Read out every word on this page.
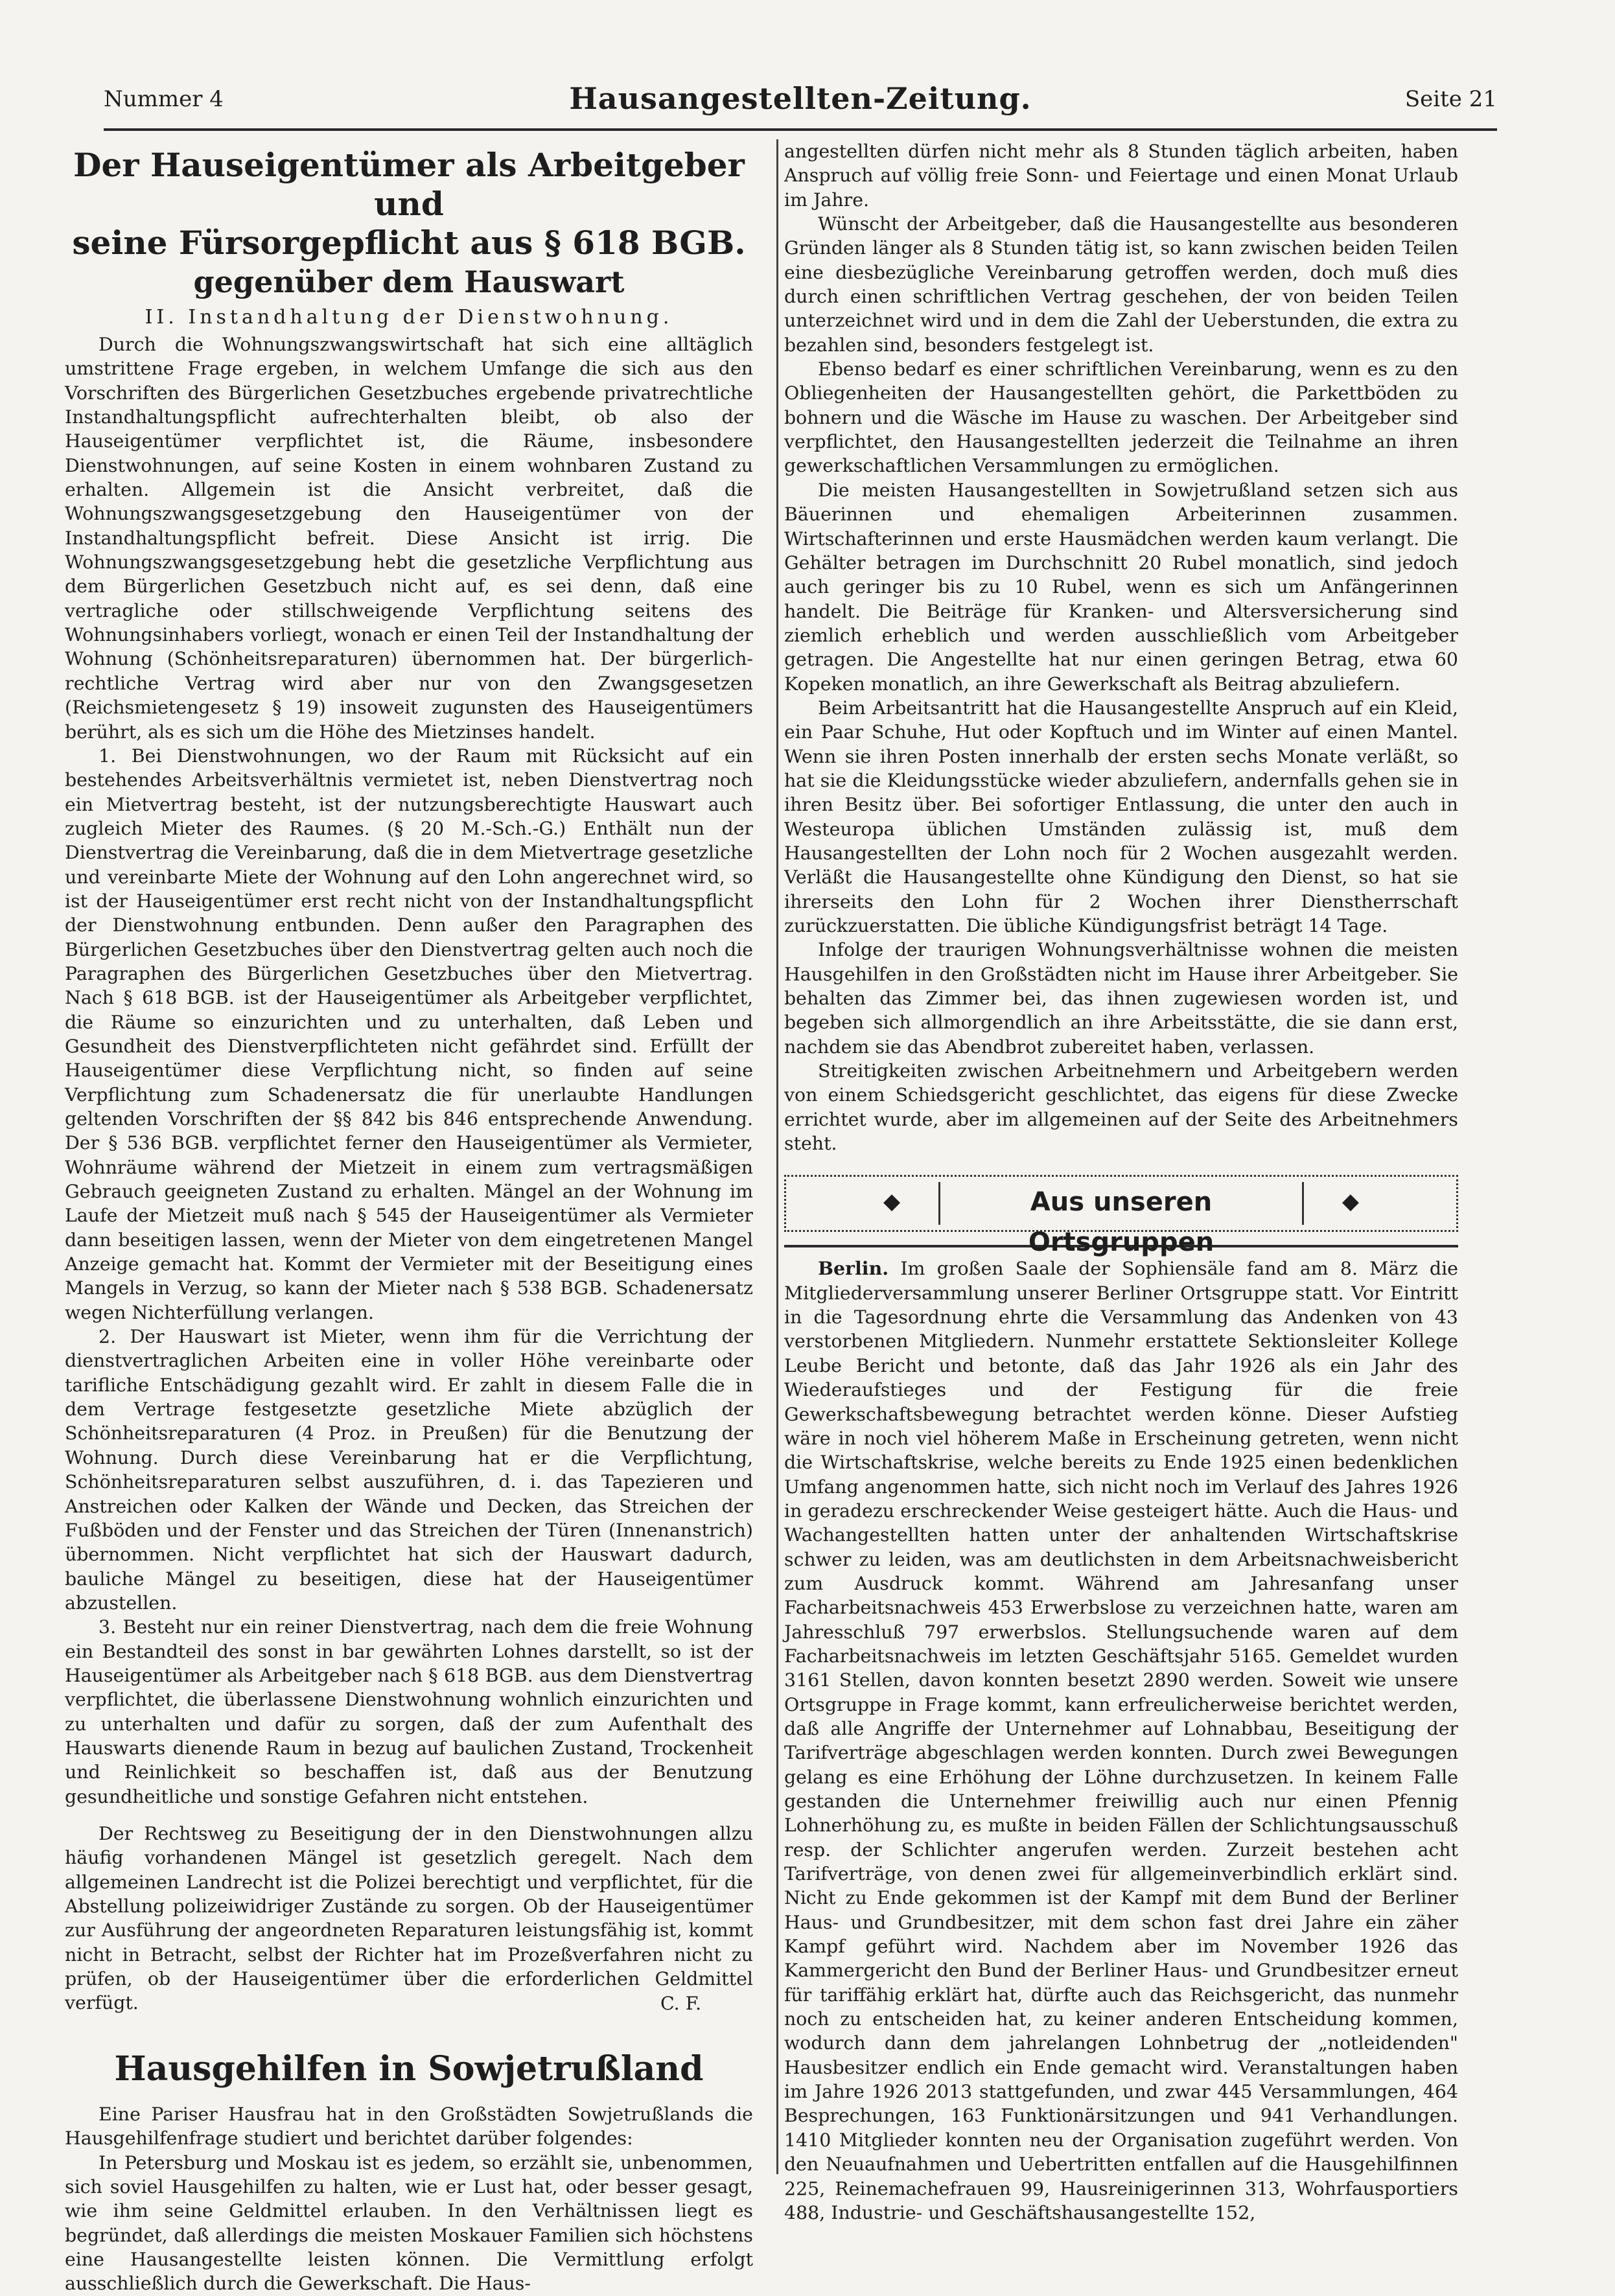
Nummer 4	Hausangestellten-Zeitung.	Seite 21
Der Hauseigentümer als Arbeitgeber und
seine Fürsorgepflicht aus § 618 BGB.

gegenüber dem Hauswart
II. Instandhaltung der Dienstwohnung.

Durch die Wohnungszwangswirtschaft hat sich eine alltäglich umstrittene Frage ergeben, in welchem Umfange die sich aus den Vorschriften des Bürgerlichen Gesetzbuches ergebende privatrechtliche Instandhaltungspflicht aufrechterhalten bleibt, ob also der Hauseigentümer verpflichtet ist, die Räume, insbesondere Dienstwohnungen, auf seine Kosten in einem wohnbaren Zustand zu erhalten. Allgemein ist die Ansicht verbreitet, daß die Wohnungszwangsgesetzgebung den Hauseigentümer von der Instandhaltungspflicht befreit. Diese Ansicht ist irrig. Die Wohnungszwangsgesetzgebung hebt die gesetzliche Verpflichtung aus dem Bürgerlichen Gesetzbuch nicht auf, es sei denn, daß eine vertragliche oder stillschweigende Verpflichtung seitens des Wohnungsinhabers vorliegt, wonach er einen Teil der Instandhaltung der Wohnung (Schönheitsreparaturen) übernommen hat. Der bürgerlich-rechtliche Vertrag wird aber nur von den Zwangsgesetzen (Reichsmietengesetz § 19) insoweit zugunsten des Hauseigentümers berührt, als es sich um die Höhe des Mietzinses handelt.

1. Bei Dienstwohnungen, wo der Raum mit Rücksicht auf ein bestehendes Arbeitsverhältnis vermietet ist, neben Dienstvertrag noch ein Mietvertrag besteht, ist der nutzungsberechtigte Hauswart auch zugleich Mieter des Raumes. (§ 20 M.-Sch.-G.) Enthält nun der Dienstvertrag die Vereinbarung, daß die in dem Mietvertrage gesetzliche und vereinbarte Miete der Wohnung auf den Lohn angerechnet wird, so ist der Hauseigentümer erst recht nicht von der Instandhaltungspflicht der Dienstwohnung entbunden. Denn außer den Paragraphen des Bürgerlichen Gesetzbuches über den Dienstvertrag gelten auch noch die Paragraphen des Bürgerlichen Gesetzbuches über den Mietvertrag. Nach § 618 BGB. ist der Hauseigentümer als Arbeitgeber verpflichtet, die Räume so einzurichten und zu unterhalten, daß Leben und Gesundheit des Dienstverpflichteten nicht gefährdet sind. Erfüllt der Hauseigentümer diese Verpflichtung nicht, so finden auf seine Verpflichtung zum Schadenersatz die für unerlaubte Handlungen geltenden Vorschriften der §§ 842 bis 846 entsprechende Anwendung. Der § 536 BGB. verpflichtet ferner den Hauseigentümer als Vermieter, Wohnräume während der Mietzeit in einem zum vertragsmäßigen Gebrauch geeigneten Zustand zu erhalten. Mängel an der Wohnung im Laufe der Mietzeit muß nach § 545 der Hauseigentümer als Vermieter dann beseitigen lassen, wenn der Mieter von dem eingetretenen Mangel Anzeige gemacht hat. Kommt der Vermieter mit der Beseitigung eines Mangels in Verzug, so kann der Mieter nach § 538 BGB. Schadenersatz wegen Nichterfüllung verlangen.

2. Der Hauswart ist Mieter, wenn ihm für die Verrichtung der dienstvertraglichen Arbeiten eine in voller Höhe vereinbarte oder tarifliche Entschädigung gezahlt wird. Er zahlt in diesem Falle die in dem Vertrage festgesetzte gesetzliche Miete abzüglich der Schönheitsreparaturen (4 Proz. in Preußen) für die Benutzung der Wohnung. Durch diese Vereinbarung hat er die Verpflichtung, Schönheitsreparaturen selbst auszuführen, d. i. das Tapezieren und Anstreichen oder Kalken der Wände und Decken, das Streichen der Fußböden und der Fenster und das Streichen der Türen (Innenanstrich) übernommen. Nicht verpflichtet hat sich der Hauswart dadurch, bauliche Mängel zu beseitigen, diese hat der Hauseigentümer abzustellen.

3. Besteht nur ein reiner Dienstvertrag, nach dem die freie Wohnung ein Bestandteil des sonst in bar gewährten Lohnes darstellt, so ist der Hauseigentümer als Arbeitgeber nach § 618 BGB. aus dem Dienstvertrag verpflichtet, die überlassene Dienstwohnung wohnlich einzurichten und zu unterhalten und dafür zu sorgen, daß der zum Aufenthalt des Hauswarts dienende Raum in bezug auf baulichen Zustand, Trockenheit und Reinlichkeit so beschaffen ist, daß aus der Benutzung gesundheitliche und sonstige Gefahren nicht entstehen.

Der Rechtsweg zu Beseitigung der in den Dienstwohnungen allzu häufig vorhandenen Mängel ist gesetzlich geregelt. Nach dem allgemeinen Landrecht ist die Polizei berechtigt und verpflichtet, für die Abstellung polizeiwidriger Zustände zu sorgen. Ob der Hauseigentümer zur Ausführung der angeordneten Reparaturen leistungsfähig ist, kommt nicht in Betracht, selbst der Richter hat im Prozeßverfahren nicht zu prüfen, ob der Hauseigentümer über die erforderlichen Geldmittel verfügt.	C. F.

Hausgehilfen in Sowjetrußland

Eine Pariser Hausfrau hat in den Großstädten Sowjetrußlands die Hausgehilfenfrage studiert und berichtet darüber folgendes:

In Petersburg und Moskau ist es jedem, so erzählt sie, unbenommen, sich soviel Hausgehilfen zu halten, wie er Lust hat, oder besser gesagt, wie ihm seine Geldmittel erlauben. In den Verhältnissen liegt es begründet, daß allerdings die meisten Moskauer Familien sich höchstens eine Hausangestellte leisten können. Die Vermittlung erfolgt ausschließlich durch die Gewerkschaft. Die Haus-

angestellten dürfen nicht mehr als 8 Stunden täglich arbeiten, haben Anspruch auf völlig freie Sonn- und Feiertage und einen Monat Urlaub im Jahre.

Wünscht der Arbeitgeber, daß die Hausangestellte aus besonderen Gründen länger als 8 Stunden tätig ist, so kann zwischen beiden Teilen eine diesbezügliche Vereinbarung getroffen werden, doch muß dies durch einen schriftlichen Vertrag geschehen, der von beiden Teilen unterzeichnet wird und in dem die Zahl der Ueberstunden, die extra zu bezahlen sind, besonders festgelegt ist.

Ebenso bedarf es einer schriftlichen Vereinbarung, wenn es zu den Obliegenheiten der Hausangestellten gehört, die Parkettböden zu bohnern und die Wäsche im Hause zu waschen. Der Arbeitgeber sind verpflichtet, den Hausangestellten jederzeit die Teilnahme an ihren gewerkschaftlichen Versammlungen zu ermöglichen.

Die meisten Hausangestellten in Sowjetrußland setzen sich aus Bäuerinnen und ehemaligen Arbeiterinnen zusammen. Wirtschafterinnen und erste Hausmädchen werden kaum verlangt. Die Gehälter betragen im Durchschnitt 20 Rubel monatlich, sind jedoch auch geringer bis zu 10 Rubel, wenn es sich um Anfängerinnen handelt. Die Beiträge für Kranken- und Altersversicherung sind ziemlich erheblich und werden ausschließlich vom Arbeitgeber getragen. Die Angestellte hat nur einen geringen Betrag, etwa 60 Kopeken monatlich, an ihre Gewerkschaft als Beitrag abzuliefern.

Beim Arbeitsantritt hat die Hausangestellte Anspruch auf ein Kleid, ein Paar Schuhe, Hut oder Kopftuch und im Winter auf einen Mantel. Wenn sie ihren Posten innerhalb der ersten sechs Monate verläßt, so hat sie die Kleidungsstücke wieder abzuliefern, andernfalls gehen sie in ihren Besitz über. Bei sofortiger Entlassung, die unter den auch in Westeuropa üblichen Umständen zulässig ist, muß dem Hausangestellten der Lohn noch für 2 Wochen ausgezahlt werden. Verläßt die Hausangestellte ohne Kündigung den Dienst, so hat sie ihrerseits den Lohn für 2 Wochen ihrer Dienstherrschaft zurückzuerstatten. Die übliche Kündigungsfrist beträgt 14 Tage.

Infolge der traurigen Wohnungsverhältnisse wohnen die meisten Hausgehilfen in den Großstädten nicht im Hause ihrer Arbeitgeber. Sie behalten das Zimmer bei, das ihnen zugewiesen worden ist, und begeben sich allmorgendlich an ihre Arbeitsstätte, die sie dann erst, nachdem sie das Abendbrot zubereitet haben, verlassen.

Streitigkeiten zwischen Arbeitnehmern und Arbeitgebern werden von einem Schiedsgericht geschlichtet, das eigens für diese Zwecke errichtet wurde, aber im allgemeinen auf der Seite des Arbeitnehmers steht.

◆	Aus unseren Ortsgruppen
◆

Berlin. Im großen Saale der Sophiensäle fand am 8. März die Mitgliederversammlung unserer Berliner Ortsgruppe statt. Vor Eintritt in die Tagesordnung ehrte die Versammlung das Andenken von 43 verstorbenen Mitgliedern. Nunmehr erstattete Sektionsleiter Kollege Leube Bericht und betonte, daß das Jahr 1926 als ein Jahr des Wiederaufstieges und der Festigung für die freie Gewerkschaftsbewegung betrachtet werden könne. Dieser Aufstieg wäre in noch viel höherem Maße in Erscheinung getreten, wenn nicht die Wirtschaftskrise, welche bereits zu Ende 1925 einen bedenklichen Umfang angenommen hatte, sich nicht noch im Verlauf des Jahres 1926 in geradezu erschreckender Weise gesteigert hätte. Auch die Haus- und Wachangestellten hatten unter der anhaltenden Wirtschaftskrise schwer zu leiden, was am deutlichsten in dem Arbeitsnachweisbericht zum Ausdruck kommt. Während am Jahresanfang unser Facharbeitsnachweis 453 Erwerbslose zu verzeichnen hatte, waren am Jahresschluß 797 erwerbslos. Stellungsuchende waren auf dem Facharbeitsnachweis im letzten Geschäftsjahr 5165. Gemeldet wurden 3161 Stellen, davon konnten besetzt 2890 werden. Soweit wie unsere Ortsgruppe in Frage kommt, kann erfreulicherweise berichtet werden, daß alle Angriffe der Unternehmer auf Lohnabbau, Beseitigung der Tarifverträge abgeschlagen werden konnten. Durch zwei Bewegungen gelang es eine Erhöhung der Löhne durchzusetzen. In keinem Falle gestanden die Unternehmer freiwillig auch nur einen Pfennig Lohnerhöhung zu, es mußte in beiden Fällen der Schlichtungsausschuß resp. der Schlichter angerufen werden. Zurzeit bestehen acht Tarifverträge, von denen zwei für allgemeinverbindlich erklärt sind. Nicht zu Ende gekommen ist der Kampf mit dem Bund der Berliner Haus- und Grundbesitzer, mit dem schon fast drei Jahre ein zäher Kampf geführt wird. Nachdem aber im November 1926 das Kammergericht den Bund der Berliner Haus- und Grundbesitzer erneut für tariffähig erklärt hat, dürfte auch das Reichsgericht, das nunmehr noch zu entscheiden hat, zu keiner anderen Entscheidung kommen, wodurch dann dem jahrelangen Lohnbetrug der „notleidenden" Hausbesitzer endlich ein Ende gemacht wird. Veranstaltungen haben im Jahre 1926 2013 stattgefunden, und zwar 445 Versammlungen, 464 Besprechungen, 163 Funktionärsitzungen und 941 Verhandlungen. 1410 Mitglieder konnten neu der Organisation zugeführt werden. Von den Neuaufnahmen und Uebertritten entfallen auf die Hausgehilfinnen 225, Reinemachefrauen 99, Hausreinigerinnen 313, Wohrfausportiers 488, Industrie- und Geschäftshausangestellte 152,
